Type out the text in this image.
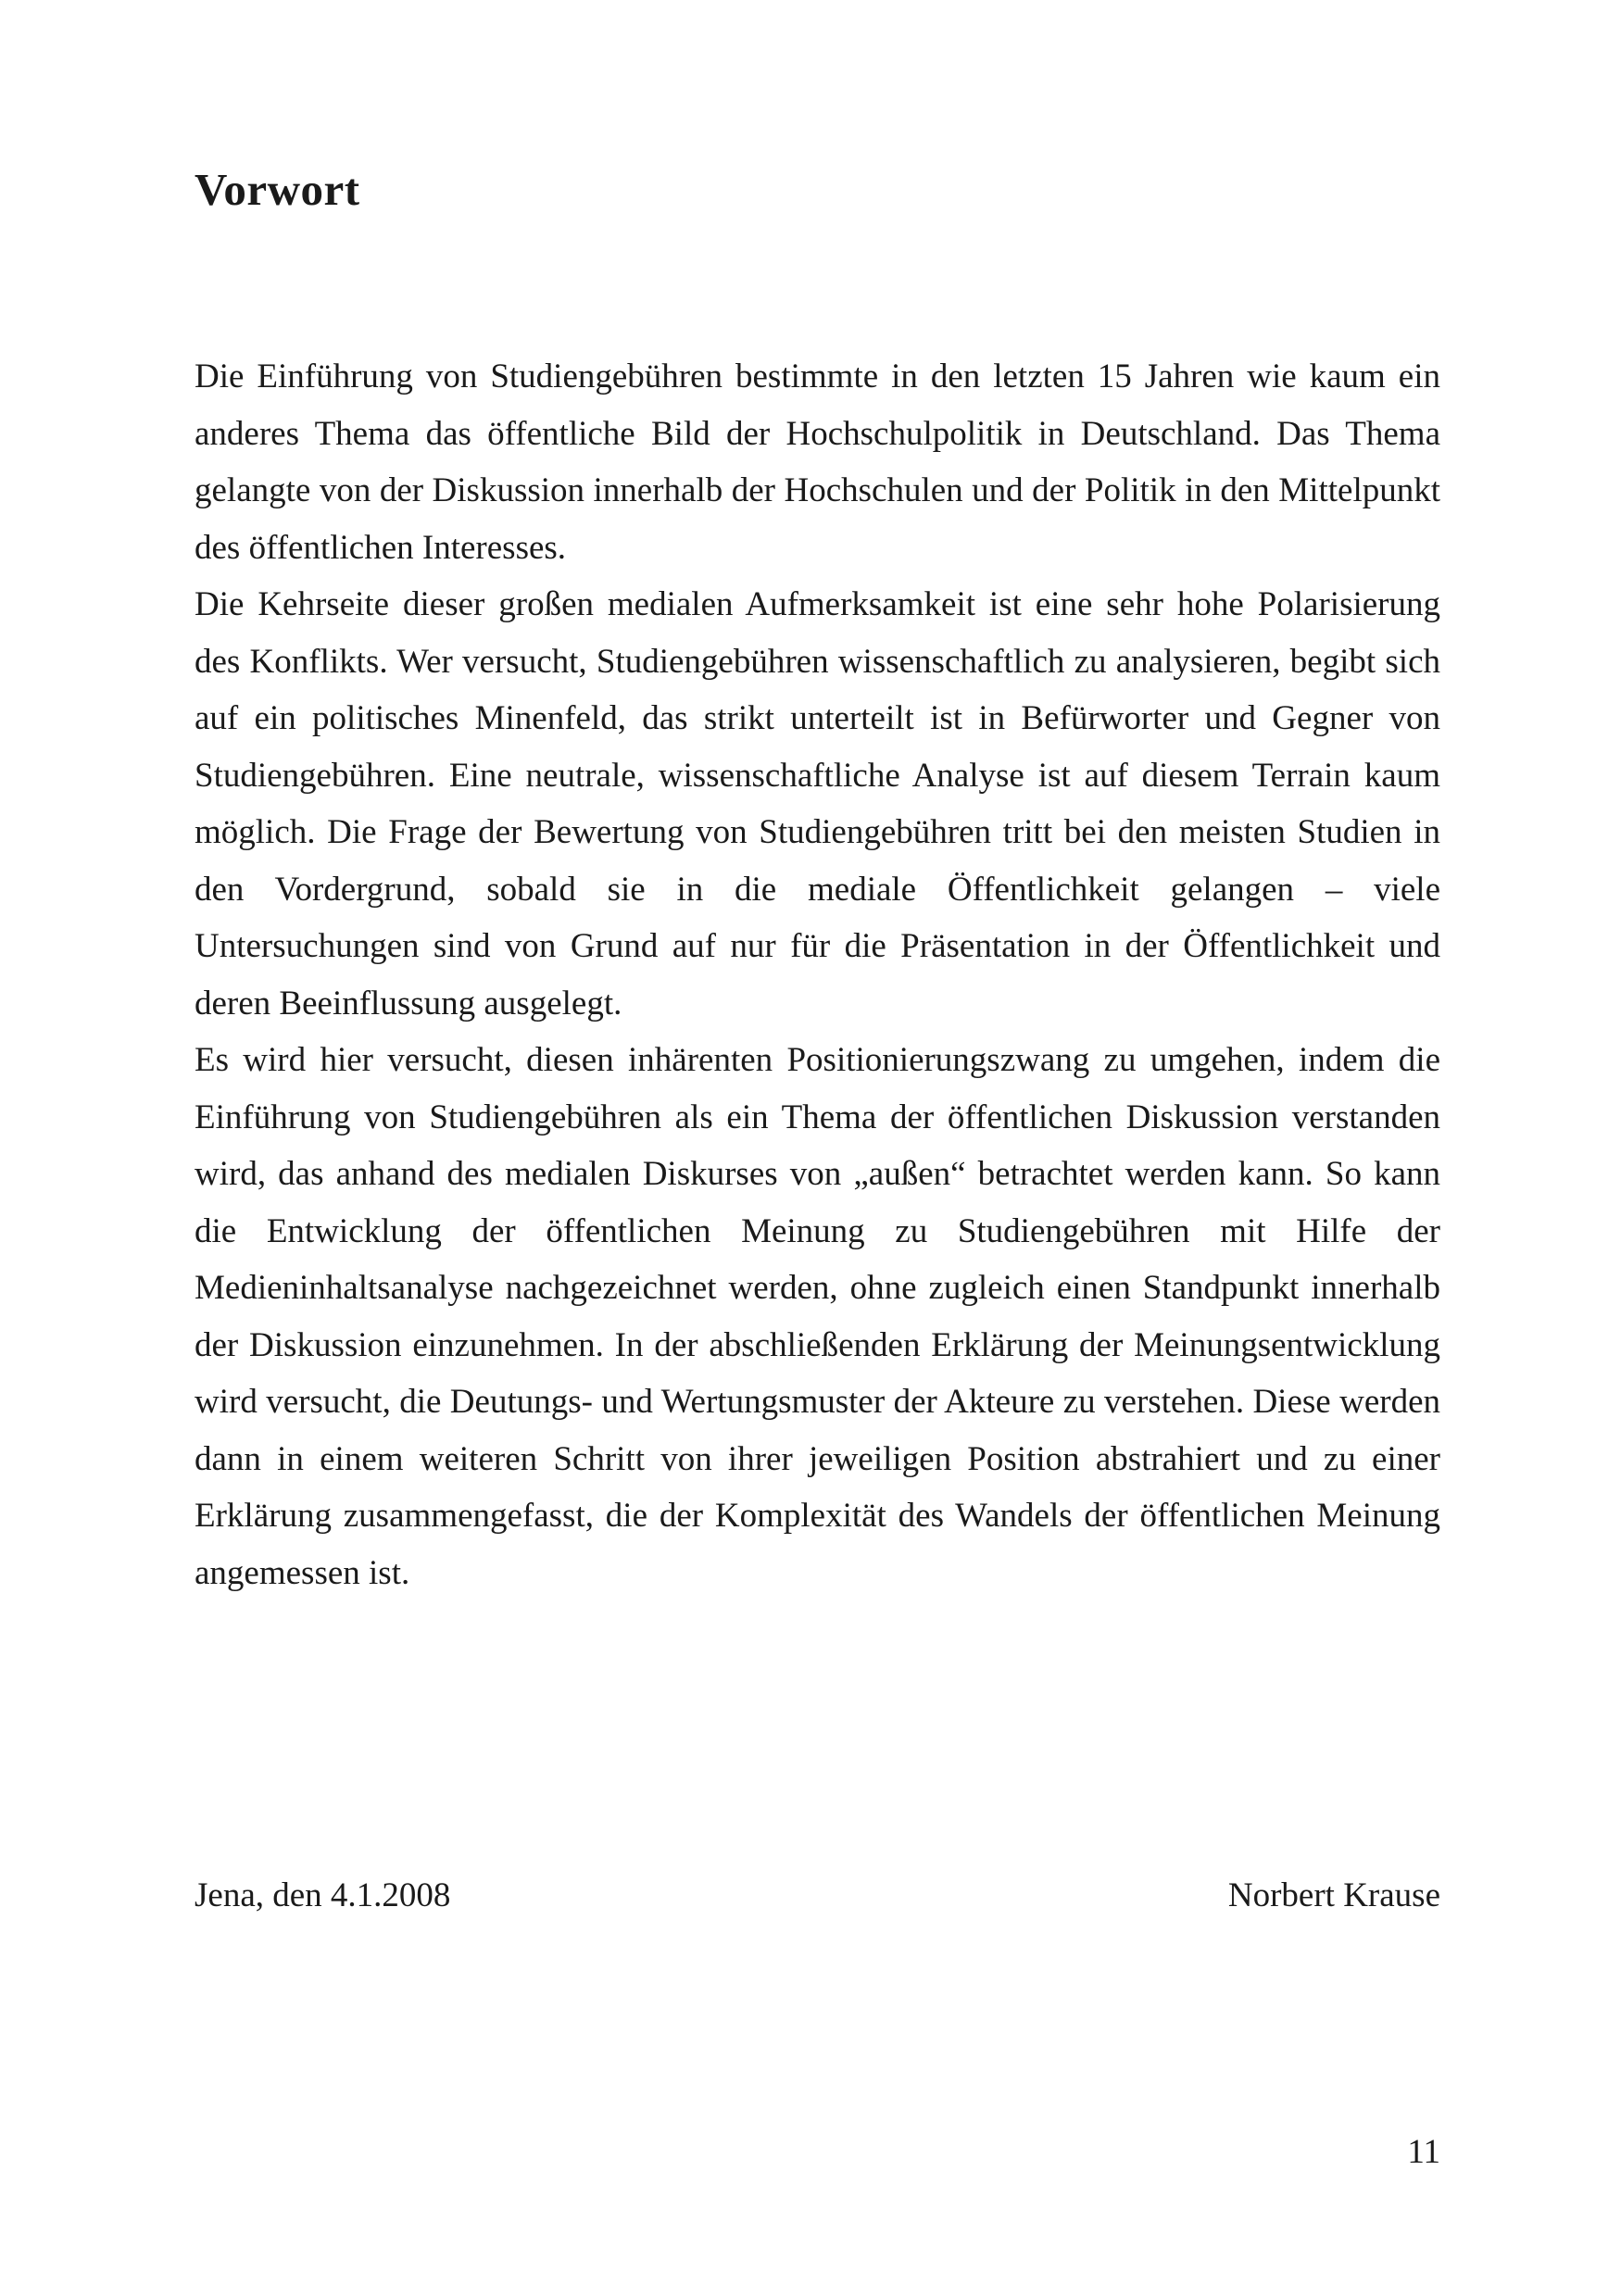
Vorwort

Die Einführung von Studiengebühren bestimmte in den letzten 15 Jahren wie kaum ein anderes Thema das öffentliche Bild der Hochschulpolitik in Deutschland. Das Thema gelangte von der Diskussion innerhalb der Hochschulen und der Politik in den Mittelpunkt des öffentlichen Interesses.

Die Kehrseite dieser großen medialen Aufmerksamkeit ist eine sehr hohe Polarisierung des Konflikts. Wer versucht, Studiengebühren wissenschaftlich zu analysieren, begibt sich auf ein politisches Minenfeld, das strikt unterteilt ist in Befürworter und Gegner von Studiengebühren. Eine neutrale, wissenschaftliche Analyse ist auf diesem Terrain kaum möglich. Die Frage der Bewertung von Studiengebühren tritt bei den meisten Studien in den Vordergrund, sobald sie in die mediale Öffentlichkeit gelangen – viele Untersuchungen sind von Grund auf nur für die Präsentation in der Öffentlichkeit und deren Beeinflussung ausgelegt.

Es wird hier versucht, diesen inhärenten Positionierungszwang zu umgehen, indem die Einführung von Studiengebühren als ein Thema der öffentlichen Diskussion verstanden wird, das anhand des medialen Diskurses von „außen“ betrachtet werden kann. So kann die Entwicklung der öffentlichen Meinung zu Studiengebühren mit Hilfe der Medieninhaltsanalyse nachgezeichnet werden, ohne zugleich einen Standpunkt innerhalb der Diskussion einzunehmen. In der abschließenden Erklärung der Meinungsentwicklung wird versucht, die Deutungs- und Wertungsmuster der Akteure zu verstehen. Diese werden dann in einem weiteren Schritt von ihrer jeweiligen Position abstrahiert und zu einer Erklärung zusammengefasst, die der Komplexität des Wandels der öffentlichen Meinung angemessen ist.

Jena, den 4.1.2008	Norbert Krause
11
